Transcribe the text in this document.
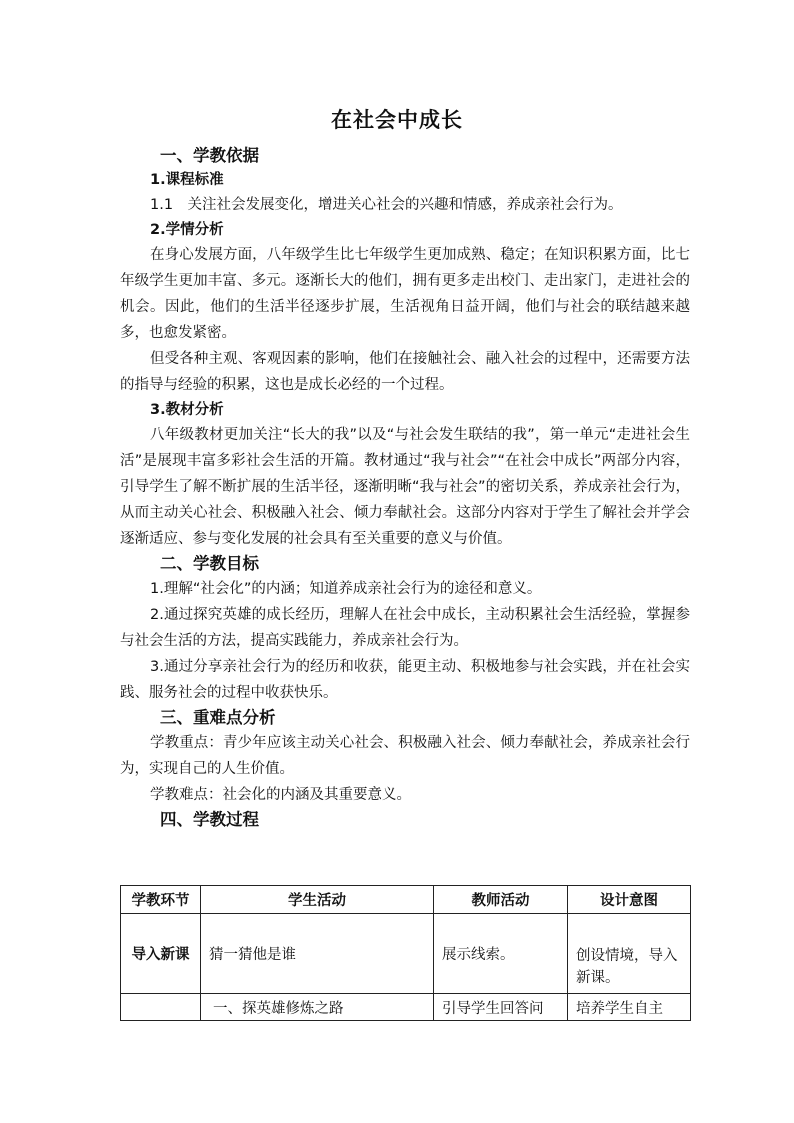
在社会中成长
一、学教依据
1.课程标准

1.1　关注社会发展变化，增进关心社会的兴趣和情感，养成亲社会行为。

2.学情分析

在身心发展方面，八年级学生比七年级学生更加成熟、稳定；在知识积累方面，比七年级学生更加丰富、多元。逐渐长大的他们，拥有更多走出校门、走出家门，走进社会的机会。因此，他们的生活半径逐步扩展，生活视角日益开阔，他们与社会的联结越来越多，也愈发紧密。

但受各种主观、客观因素的影响，他们在接触社会、融入社会的过程中，还需要方法的指导与经验的积累，这也是成长必经的一个过程。

3.教材分析

八年级教材更加关注“长大的我”以及“与社会发生联结的我”，第一单元“走进社会生活”是展现丰富多彩社会生活的开篇。教材通过“我与社会”“在社会中成长”两部分内容，引导学生了解不断扩展的生活半径，逐渐明晰“我与社会”的密切关系，养成亲社会行为，从而主动关心社会、积极融入社会、倾力奉献社会。这部分内容对于学生了解社会并学会逐渐适应、参与变化发展的社会具有至关重要的意义与价值。

二、学教目标

1.理解“社会化”的内涵；知道养成亲社会行为的途径和意义。

2.通过探究英雄的成长经历，理解人在社会中成长，主动积累社会生活经验，掌握参与社会生活的方法，提高实践能力，养成亲社会行为。

3.通过分享亲社会行为的经历和收获，能更主动、积极地参与社会实践，并在社会实践、服务社会的过程中收获快乐。

三、重难点分析

学教重点：青少年应该主动关心社会、积极融入社会、倾力奉献社会，养成亲社会行为，实现自己的人生价值。

学教难点：社会化的内涵及其重要意义。

四、学教过程
学教环节	学生活动	教师活动	设计意图
导入新课	猜一猜他是谁	展示线索。	创设情境，导入新课。
	一、探英雄修炼之路	引导学生回答问	培养学生自主
